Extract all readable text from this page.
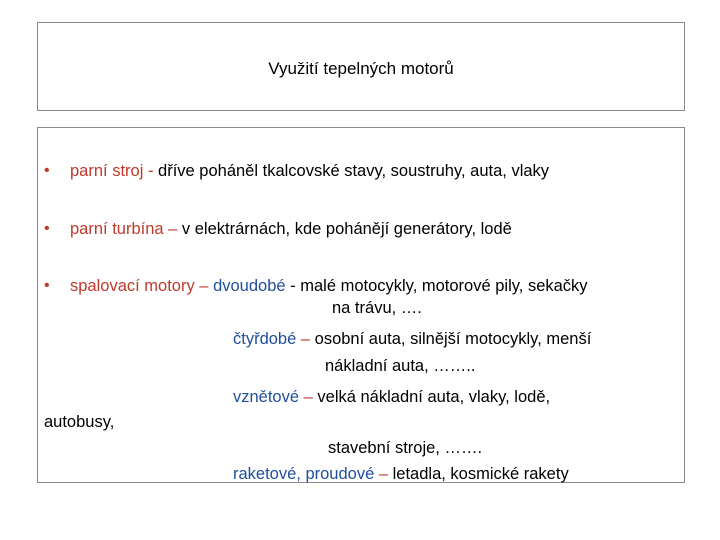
Využití tepelných motorů
• parní stroj - dříve poháněl tkalcovské stavy, soustruhy, auta, vlaky
• parní turbína – v elektrárnách, kde pohánějí generátory, lodě
• spalovací motory – dvoudobé - malé motocykly, motorové pily, sekačky
na trávu, ….
čtyřdobé – osobní auta, silnější motocykly, menší
nákladní auta, ……..
vznětové – velká nákladní auta, vlaky, lodě,
autobusy,
stavební stroje, …….
raketové, proudové – letadla, kosmické rakety
